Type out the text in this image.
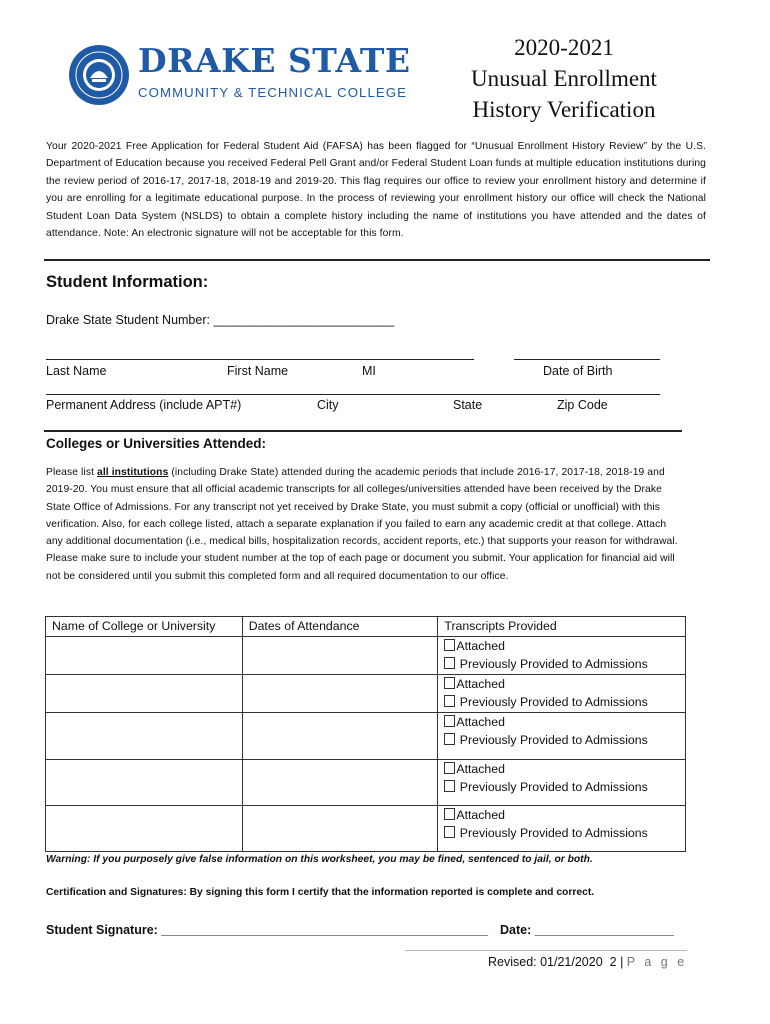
DRAKE STATE
COMMUNITY & TECHNICAL COLLEGE
2020-2021
Unusual Enrollment
History Verification
Your 2020-2021 Free Application for Federal Student Aid (FAFSA) has been flagged for “Unusual Enrollment History Review” by the U.S. Department of Education because you received Federal Pell Grant and/or Federal Student Loan funds at multiple education institutions during the review period of 2016-17, 2017-18, 2018-19 and 2019-20. This flag requires our office to review your enrollment history and determine if you are enrolling for a legitimate educational purpose. In the process of reviewing your enrollment history our office will check the National Student Loan Data System (NSLDS) to obtain a complete history including the name of institutions you have attended and the dates of attendance. Note: An electronic signature will not be acceptable for this form.
Student Information:
Drake State Student Number: __________________________
Last Name	First Name	MI	Date of Birth
Permanent Address (include APT#)	City	State	Zip Code
Colleges or Universities Attended:
Please list all institutions (including Drake State) attended during the academic periods that include 2016-17, 2017-18, 2018-19 and 2019-20. You must ensure that all official academic transcripts for all colleges/universities attended have been received by the Drake State Office of Admissions. For any transcript not yet received by Drake State, you must submit a copy (official or unofficial) with this verification. Also, for each college listed, attach a separate explanation if you failed to earn any academic credit at that college. Attach any additional documentation (i.e., medical bills, hospitalization records, accident reports, etc.) that supports your reason for withdrawal. Please make sure to include your student number at the top of each page or document you submit. Your application for financial aid will not be considered until you submit this completed form and all required documentation to our office.
Name of College or University	Dates of Attendance	Transcripts Provided

		Attached
Previously Provided to Admissions

		Attached
Previously Provided to Admissions

		Attached
Previously Provided to Admissions

		Attached
Previously Provided to Admissions

		Attached
Previously Provided to Admissions
Warning: If you purposely give false information on this worksheet, you may be fined, sentenced to jail, or both.
Certification and Signatures: By signing this form I certify that the information reported is complete and correct.
Student Signature: _______________________________________________ Date: ____________________
Revised: 01/21/2020 2 | P a g e
